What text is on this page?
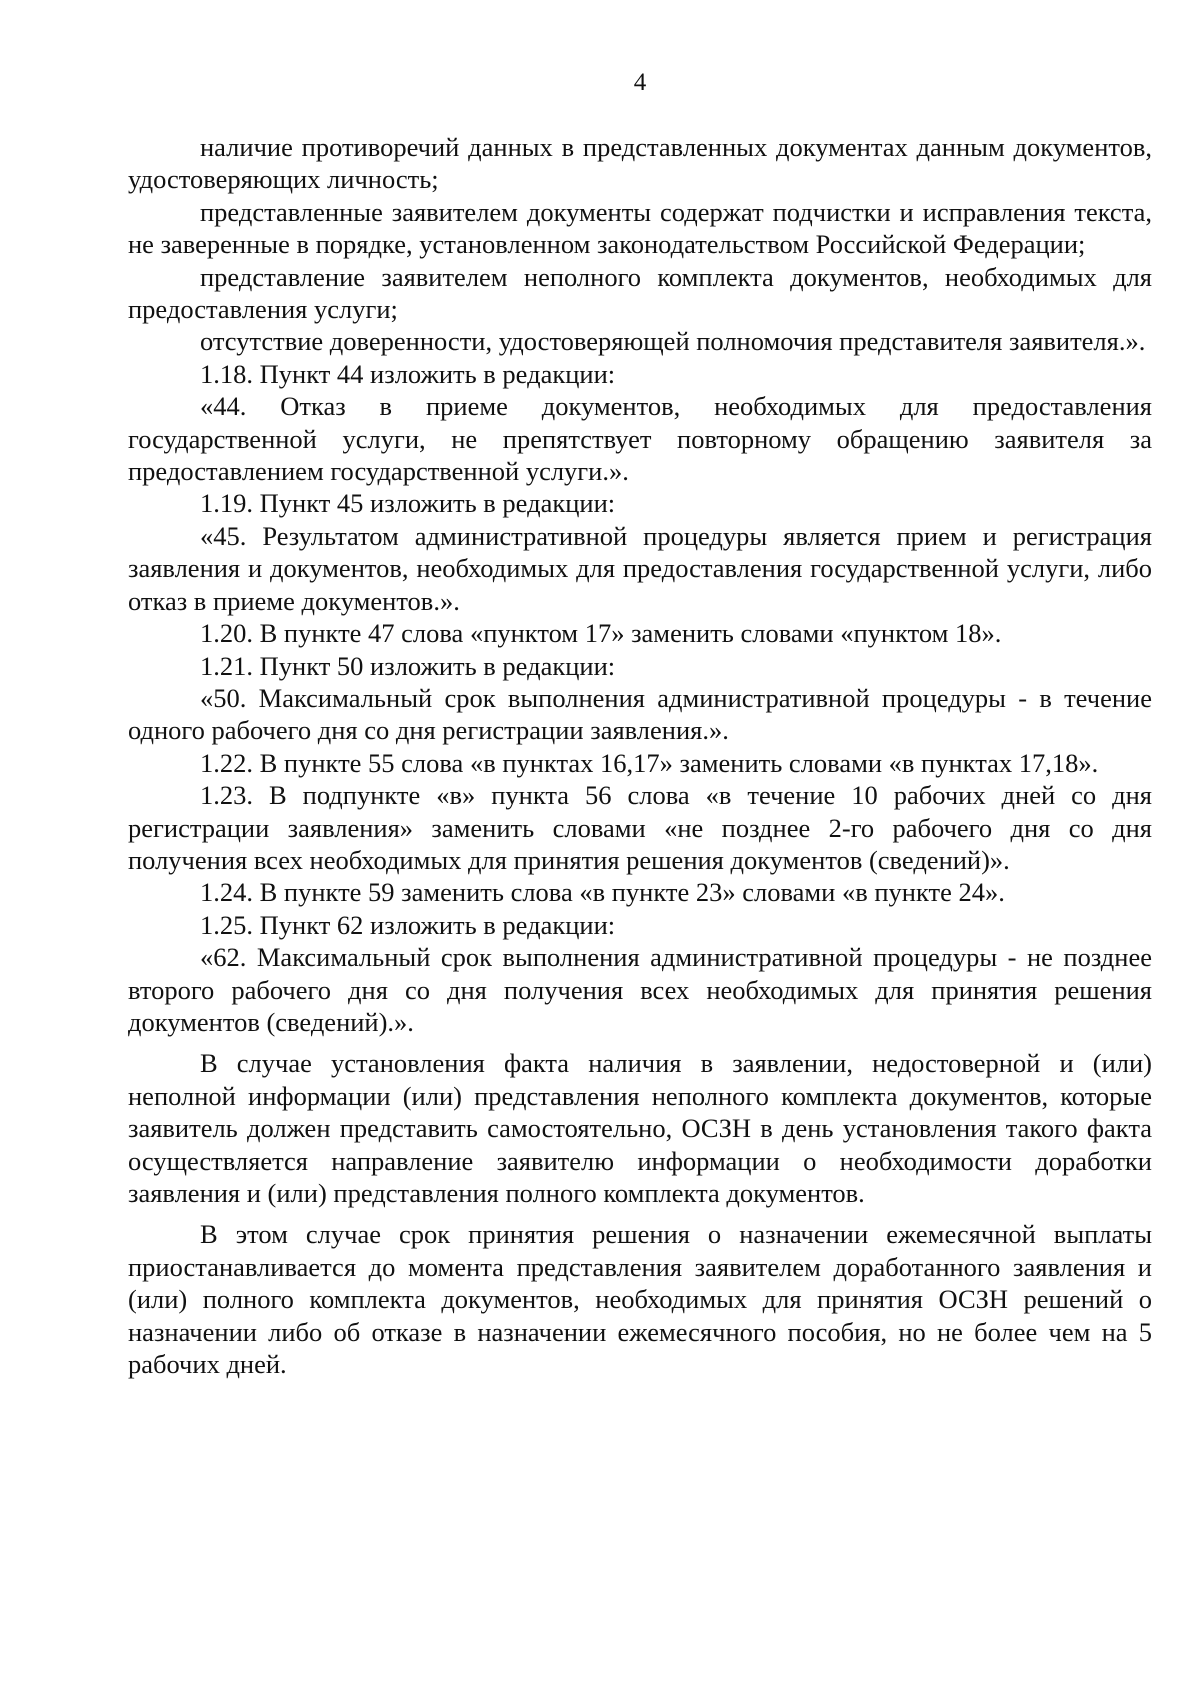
4

наличие противоречий данных в представленных документах данным документов, удостоверяющих личность;

представленные заявителем документы содержат подчистки и исправления текста, не заверенные в порядке, установленном законодательством Российской Федерации;

представление заявителем неполного комплекта документов, необходимых для предоставления услуги;

отсутствие доверенности, удостоверяющей полномочия представителя заявителя.».

1.18. Пункт 44 изложить в редакции:

«44. Отказ в приеме документов, необходимых для предоставления государственной услуги, не препятствует повторному обращению заявителя за предоставлением государственной услуги.».

1.19. Пункт 45 изложить в редакции:

«45. Результатом административной процедуры является прием и регистрация заявления и документов, необходимых для предоставления государственной услуги, либо отказ в приеме документов.».

1.20. В пункте 47 слова «пунктом 17» заменить словами «пунктом 18».

1.21. Пункт 50 изложить в редакции:

«50. Максимальный срок выполнения административной процедуры - в течение одного рабочего дня со дня регистрации заявления.».

1.22. В пункте 55 слова «в пунктах 16,17» заменить словами «в пунктах 17,18».

1.23. В подпункте «в» пункта 56 слова «в течение 10 рабочих дней со дня регистрации заявления» заменить словами «не позднее 2-го рабочего дня со дня получения всех необходимых для принятия решения документов (сведений)».

1.24. В пункте 59 заменить слова «в пункте 23» словами «в пункте 24».

1.25. Пункт 62 изложить в редакции:

«62. Максимальный срок выполнения административной процедуры - не позднее второго рабочего дня со дня получения всех необходимых для принятия решения документов (сведений).».

В случае установления факта наличия в заявлении, недостоверной и (или) неполной информации (или) представления неполного комплекта документов, которые заявитель должен представить самостоятельно, ОСЗН в день установления такого факта осуществляется направление заявителю информации о необходимости доработки заявления и (или) представления полного комплекта документов.

В этом случае срок принятия решения о назначении ежемесячной выплаты приостанавливается до момента представления заявителем доработанного заявления и (или) полного комплекта документов, необходимых для принятия ОСЗН решений о назначении либо об отказе в назначении ежемесячного пособия, но не более чем на 5 рабочих дней.
